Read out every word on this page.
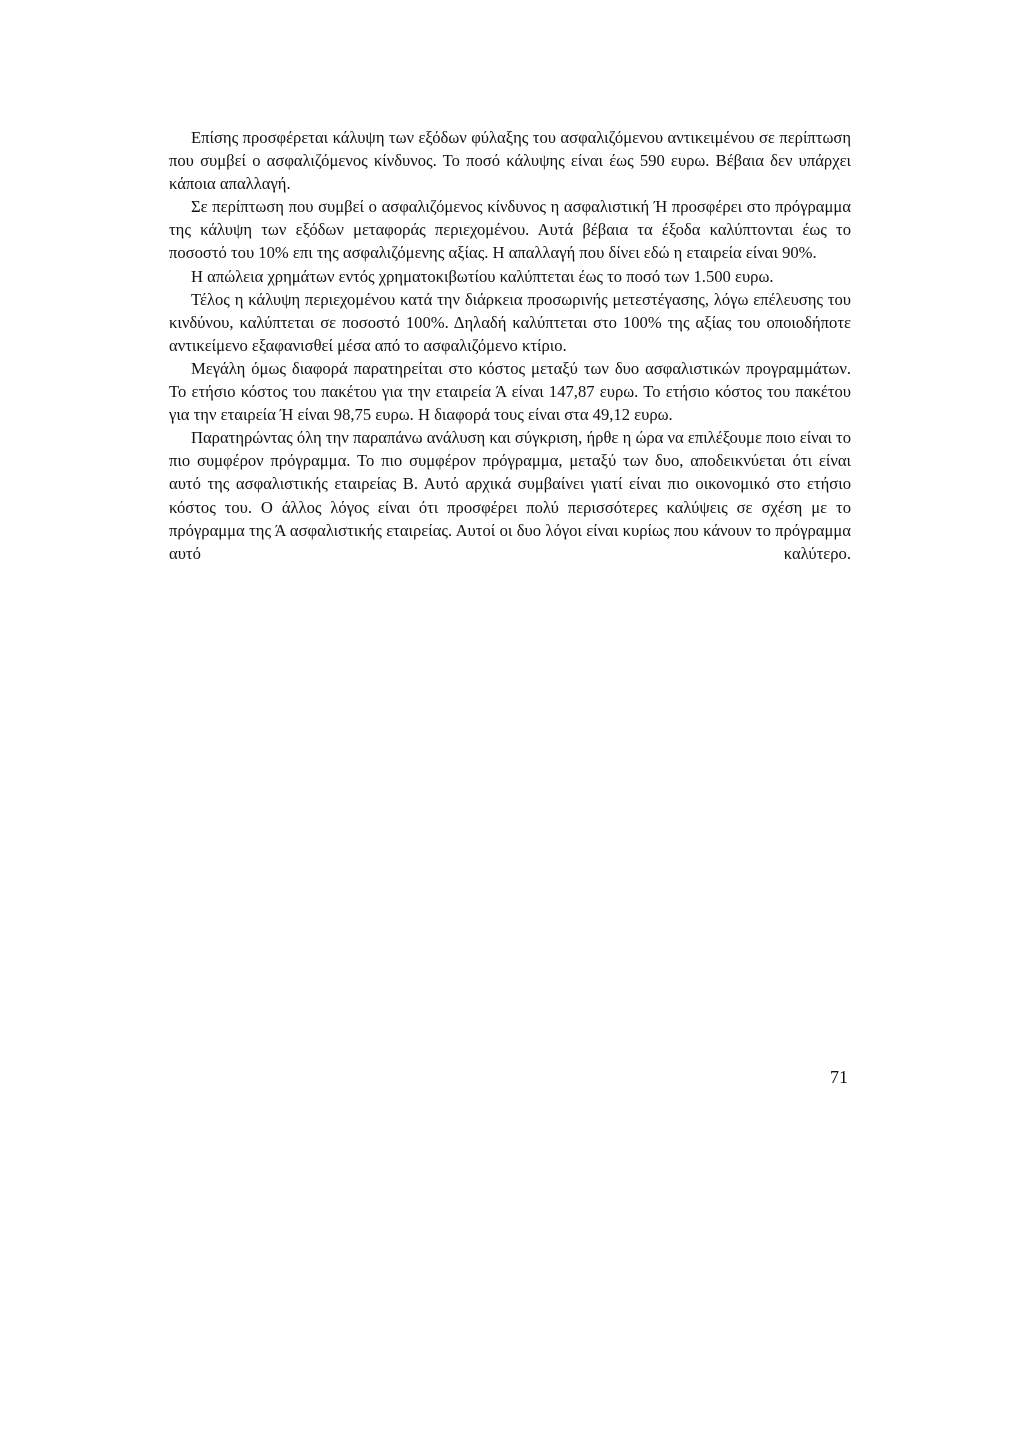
Επίσης προσφέρεται κάλυψη των εξόδων φύλαξης του ασφαλιζόμενου αντικειμένου σε περίπτωση που συμβεί ο ασφαλιζόμενος κίνδυνος. Το ποσό κάλυψης είναι έως 590 ευρω. Βέβαια δεν υπάρχει κάποια απαλλαγή.

Σε περίπτωση που συμβεί ο ασφαλιζόμενος κίνδυνος η ασφαλιστική Ή προσφέρει στο πρόγραμμα της κάλυψη των εξόδων μεταφοράς περιεχομένου. Αυτά βέβαια τα έξοδα καλύπτονται έως το ποσοστό του 10% επι της ασφαλιζόμενης αξίας. Η απαλλαγή που δίνει εδώ η εταιρεία είναι 90%.

Η απώλεια χρημάτων εντός χρηματοκιβωτίου καλύπτεται έως το ποσό των 1.500 ευρω.

Τέλος η κάλυψη περιεχομένου κατά την διάρκεια προσωρινής μετεστέγασης, λόγω επέλευσης του κινδύνου, καλύπτεται σε ποσοστό 100%. Δηλαδή καλύπτεται στο 100% της αξίας του οποιοδήποτε αντικείμενο εξαφανισθεί μέσα από το ασφαλιζόμενο κτίριο.

Μεγάλη όμως διαφορά παρατηρείται στο κόστος μεταξύ των δυο ασφαλιστικών προγραμμάτων. Το ετήσιο κόστος του πακέτου για την εταιρεία Ά είναι 147,87 ευρω. Το ετήσιο κόστος του πακέτου για την εταιρεία Ή είναι 98,75 ευρω. Η διαφορά τους είναι στα 49,12 ευρω.

Παρατηρώντας όλη την παραπάνω ανάλυση και σύγκριση, ήρθε η ώρα να επιλέξουμε ποιο είναι το πιο συμφέρον πρόγραμμα. Το πιο συμφέρον πρόγραμμα, μεταξύ των δυο, αποδεικνύεται ότι είναι αυτό της ασφαλιστικής εταιρείας Β. Αυτό αρχικά συμβαίνει γιατί είναι πιο οικονομικό στο ετήσιο κόστος του. Ο άλλος λόγος είναι ότι προσφέρει πολύ περισσότερες καλύψεις σε σχέση με το πρόγραμμα της Ά ασφαλιστικής εταιρείας. Αυτοί οι δυο λόγοι είναι κυρίως που κάνουν το πρόγραμμα αυτό καλύτερο.

71
